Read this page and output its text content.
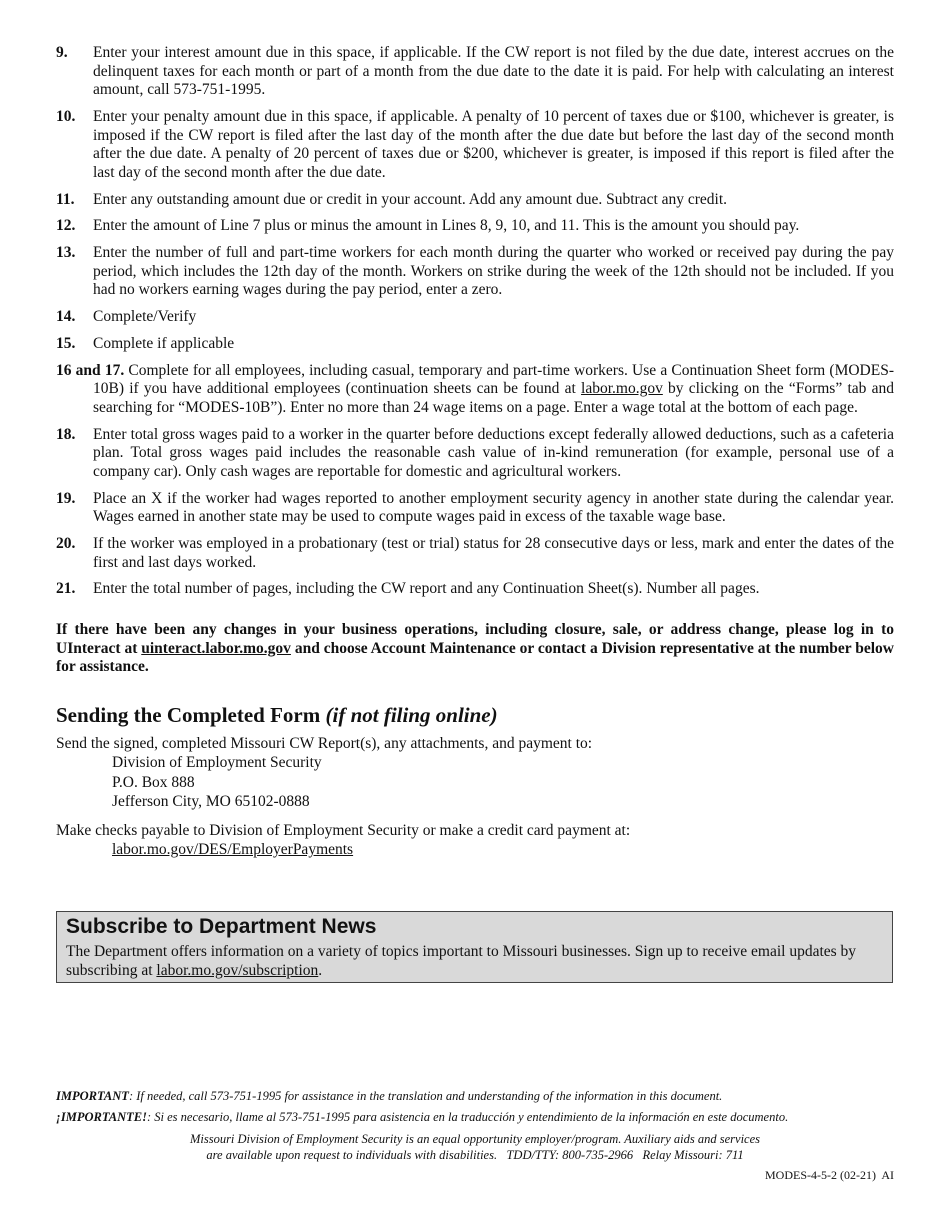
9.	Enter your interest amount due in this space, if applicable. If the CW report is not filed by the due date, interest accrues on the delinquent taxes for each month or part of a month from the due date to the date it is paid. For help with calculating an interest amount, call 573-751-1995.
10.	Enter your penalty amount due in this space, if applicable. A penalty of 10 percent of taxes due or $100, whichever is greater, is imposed if the CW report is filed after the last day of the month after the due date but before the last day of the second month after the due date. A penalty of 20 percent of taxes due or $200, whichever is greater, is imposed if this report is filed after the last day of the second month after the due date.
11.	Enter any outstanding amount due or credit in your account. Add any amount due. Subtract any credit.
12.	Enter the amount of Line 7 plus or minus the amount in Lines 8, 9, 10, and 11. This is the amount you should pay.
13.	Enter the number of full and part-time workers for each month during the quarter who worked or received pay during the pay period, which includes the 12th day of the month. Workers on strike during the week of the 12th should not be included. If you had no workers earning wages during the pay period, enter a zero.
14.	Complete/Verify
15.	Complete if applicable
16 and 17. Complete for all employees, including casual, temporary and part-time workers. Use a Continuation Sheet form (MODES-10B) if you have additional employees (continuation sheets can be found at labor.mo.gov by clicking on the “Forms” tab and searching for “MODES-10B”). Enter no more than 24 wage items on a page. Enter a wage total at the bottom of each page.
18.	Enter total gross wages paid to a worker in the quarter before deductions except federally allowed deductions, such as a cafeteria plan. Total gross wages paid includes the reasonable cash value of in-kind remuneration (for example, personal use of a company car). Only cash wages are reportable for domestic and agricultural workers.
19.	Place an X if the worker had wages reported to another employment security agency in another state during the calendar year. Wages earned in another state may be used to compute wages paid in excess of the taxable wage base.
20.	If the worker was employed in a probationary (test or trial) status for 28 consecutive days or less, mark and enter the dates of the first and last days worked.
21.	Enter the total number of pages, including the CW report and any Continuation Sheet(s). Number all pages.
If there have been any changes in your business operations, including closure, sale, or address change, please log in to UInteract at uinteract.labor.mo.gov and choose Account Maintenance or contact a Division representative at the number below for assistance.
Sending the Completed Form (if not filing online)
Send the signed, completed Missouri CW Report(s), any attachments, and payment to:
Division of Employment Security
P.O. Box 888
Jefferson City, MO 65102-0888
Make checks payable to Division of Employment Security or make a credit card payment at:
labor.mo.gov/DES/EmployerPayments
Subscribe to Department News
The Department offers information on a variety of topics important to Missouri businesses. Sign up to receive email updates by subscribing at labor.mo.gov/subscription.
IMPORTANT: If needed, call 573-751-1995 for assistance in the translation and understanding of the information in this document.
¡IMPORTANTE!: Si es necesario, llame al 573-751-1995 para asistencia en la traducción y entendimiento de la información en este documento.
Missouri Division of Employment Security is an equal opportunity employer/program. Auxiliary aids and services
are available upon request to individuals with disabilities.   TDD/TTY: 800-735-2966   Relay Missouri: 711
MODES-4-5-2 (02-21)  AI
